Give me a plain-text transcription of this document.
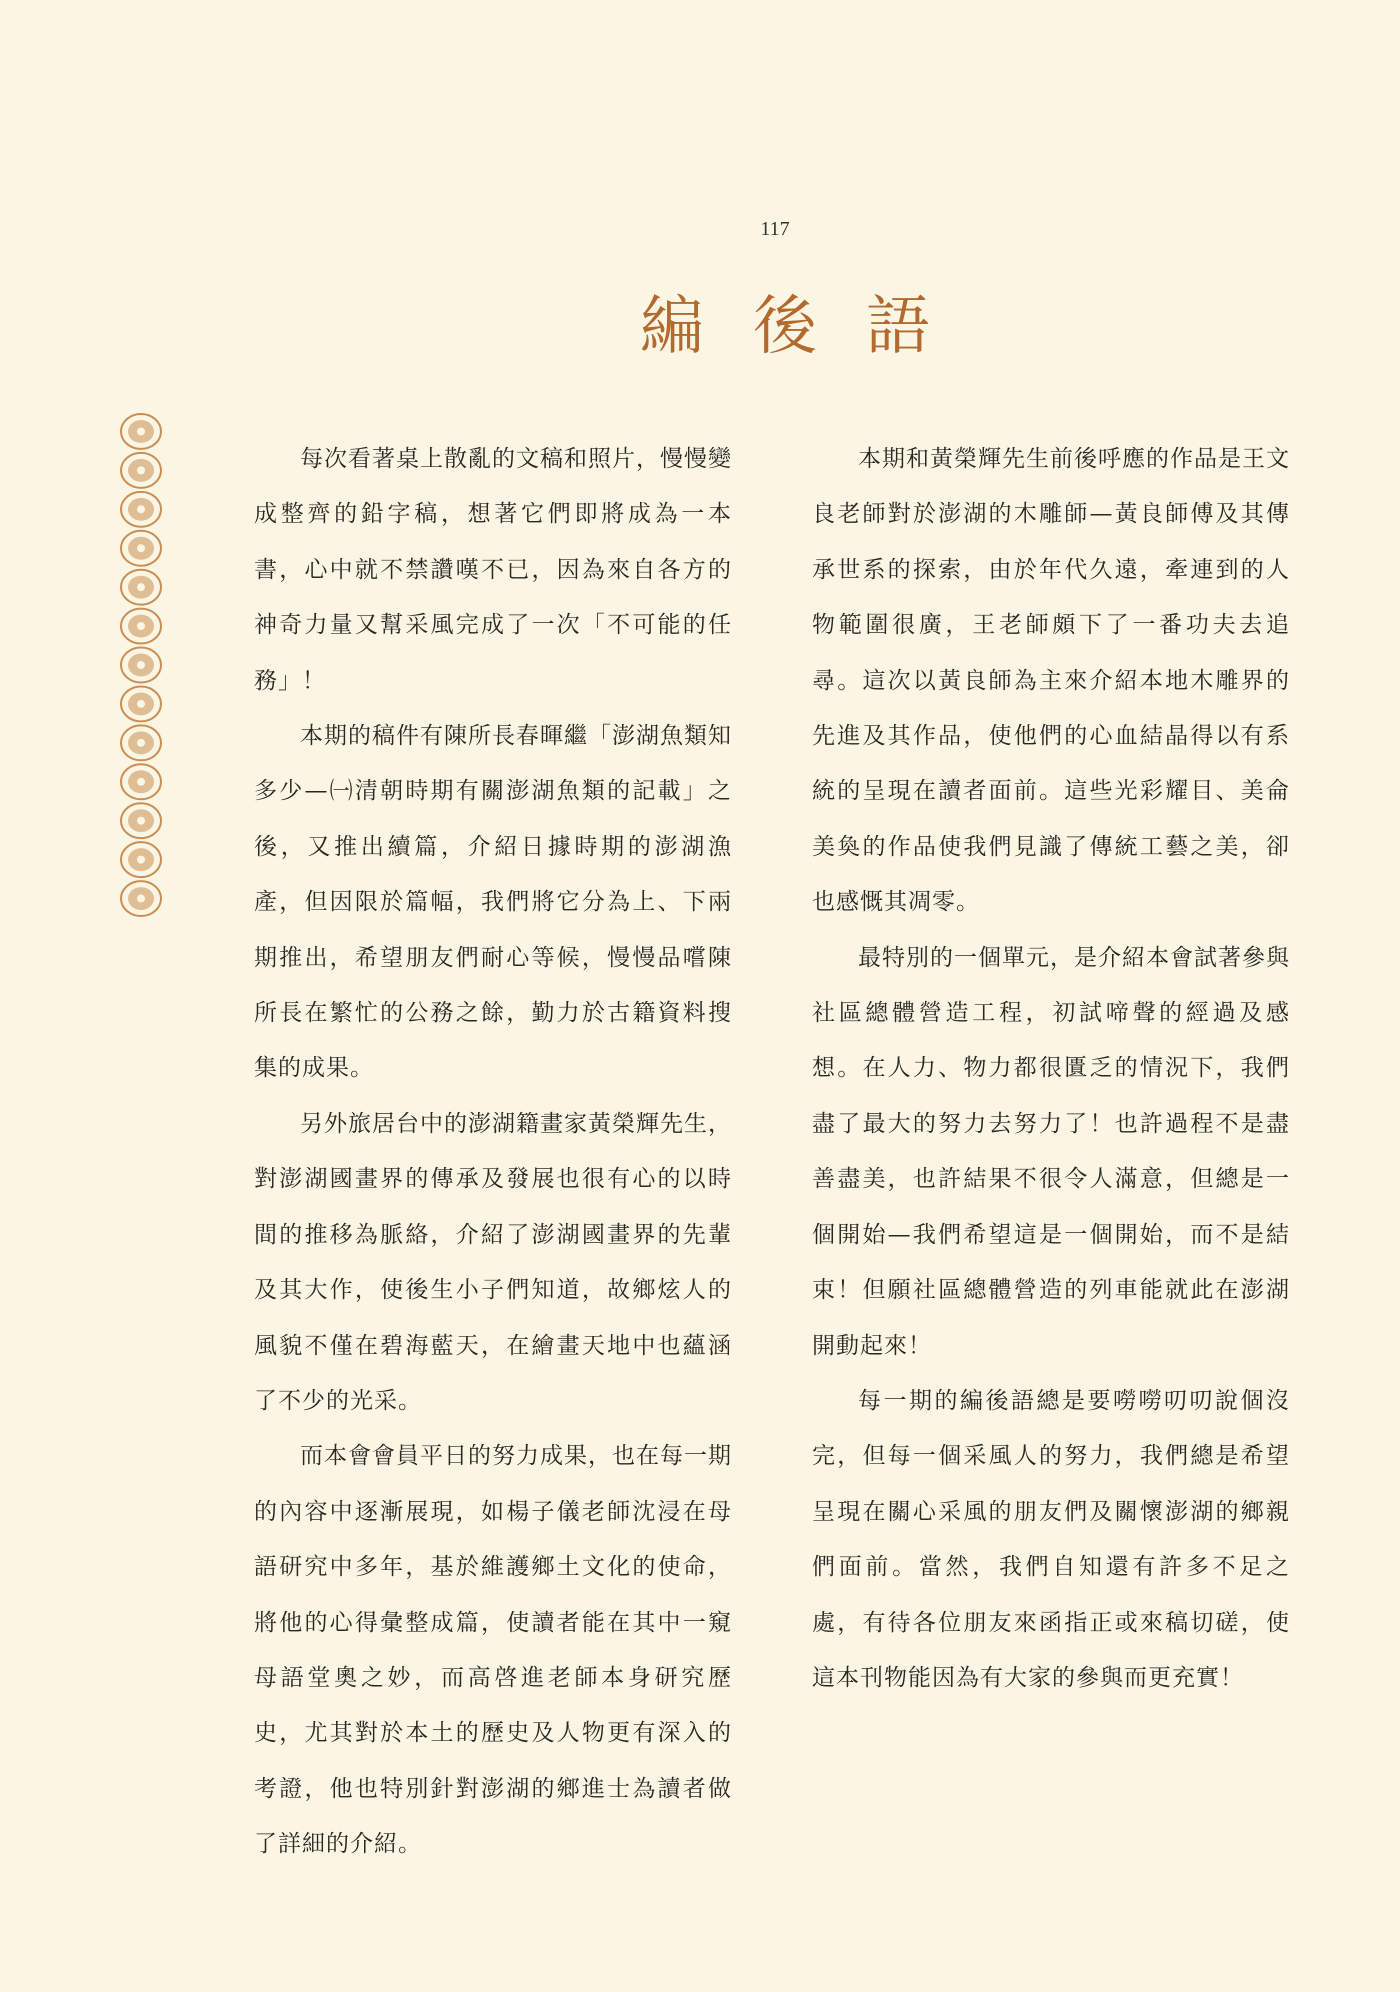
117
編 後 語

每次看著桌上散亂的文稿和照片，慢慢變成整齊的鉛字稿，想著它們即將成為一本書，心中就不禁讚嘆不已，因為來自各方的神奇力量又幫采風完成了一次「不可能的任務」！

本期的稿件有陳所長春暉繼「澎湖魚類知多少—㈠清朝時期有關澎湖魚類的記載」之後，又推出續篇，介紹日據時期的澎湖漁產，但因限於篇幅，我們將它分為上、下兩期推出，希望朋友們耐心等候，慢慢品嚐陳所長在繁忙的公務之餘，勤力於古籍資料搜集的成果。

另外旅居台中的澎湖籍畫家黃榮輝先生，對澎湖國畫界的傳承及發展也很有心的以時間的推移為脈絡，介紹了澎湖國畫界的先輩及其大作，使後生小子們知道，故鄉炫人的風貌不僅在碧海藍天，在繪畫天地中也蘊涵了不少的光采。

而本會會員平日的努力成果，也在每一期的內容中逐漸展現，如楊子儀老師沈浸在母語研究中多年，基於維護鄉土文化的使命，將他的心得彙整成篇，使讀者能在其中一窺母語堂奧之妙，而高啓進老師本身研究歷史，尤其對於本土的歷史及人物更有深入的考證，他也特別針對澎湖的鄉進士為讀者做了詳細的介紹。

本期和黃榮輝先生前後呼應的作品是王文良老師對於澎湖的木雕師—黃良師傅及其傳承世系的探索，由於年代久遠，牽連到的人物範圍很廣，王老師頗下了一番功夫去追尋。這次以黃良師為主來介紹本地木雕界的先進及其作品，使他們的心血結晶得以有系統的呈現在讀者面前。這些光彩耀目、美侖美奐的作品使我們見識了傳統工藝之美，卻也感慨其凋零。

最特別的一個單元，是介紹本會試著參與社區總體營造工程，初試啼聲的經過及感想。在人力、物力都很匱乏的情況下，我們盡了最大的努力去努力了！也許過程不是盡善盡美，也許結果不很令人滿意，但總是一個開始—我們希望這是一個開始，而不是結束！但願社區總體營造的列車能就此在澎湖開動起來！

每一期的編後語總是要嘮嘮叨叨說個沒完，但每一個采風人的努力，我們總是希望呈現在關心采風的朋友們及關懷澎湖的鄉親們面前。當然，我們自知還有許多不足之處，有待各位朋友來函指正或來稿切磋，使這本刊物能因為有大家的參與而更充實！
